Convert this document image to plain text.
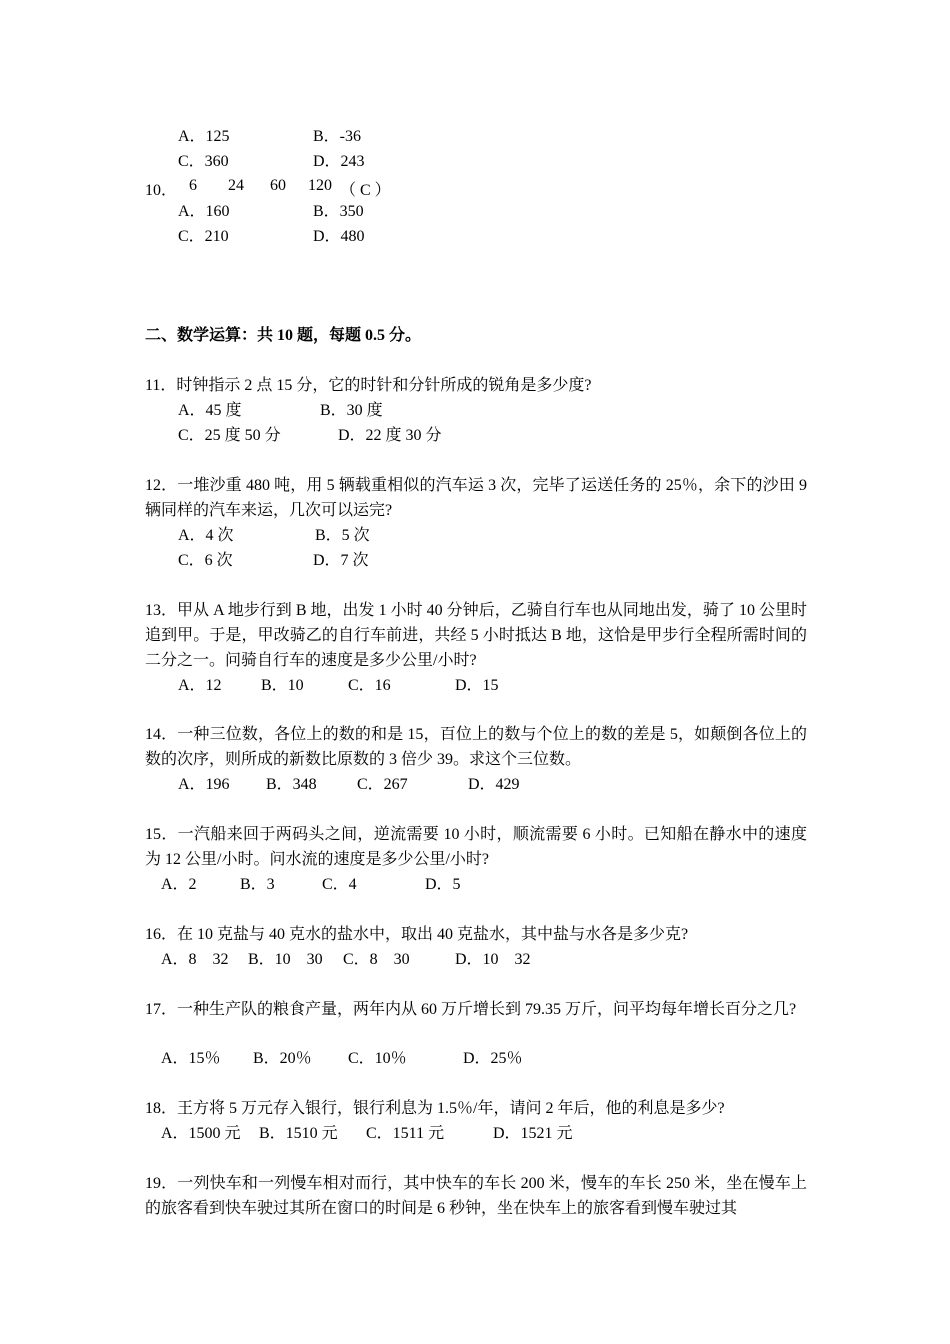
A．125	B．-36
C．360	D．243
10． 6 24 60 120 （ C ）
A．160	B．350
C．210	D．480
二、数学运算：共 10 题，每题 0.5 分。
11．时钟指示 2 点 15 分，它的时针和分针所成的锐角是多少度?
A．45 度	B．30 度
C．25 度 50 分	D．22 度 30 分
12．一堆沙重 480 吨，用 5 辆载重相似的汽车运 3 次，完毕了运送任务的 25％，余下的沙田 9 辆同样的汽车来运，几次可以运完?
A．4 次	B．5 次
C．6 次	D．7 次
13．甲从 A 地步行到 B 地，出发 1 小时 40 分钟后，乙骑自行车也从同地出发，骑了 10 公里时追到甲。于是，甲改骑乙的自行车前进，共经 5 小时抵达 B 地，这恰是甲步行全程所需时间的二分之一。问骑自行车的速度是多少公里/小时?
A．12 B．10	C．16	D．15
14．一种三位数，各位上的数的和是 15，百位上的数与个位上的数的差是 5，如颠倒各位上的数的次序，则所成的新数比原数的 3 倍少 39。求这个三位数。
A．196 B．348	C．267	D．429
15．一汽船来回于两码头之间，逆流需要 10 小时，顺流需要 6 小时。已知船在静水中的速度为 12 公里/小时。问水流的速度是多少公里/小时?
A．2	B．3	C．4	D．5
16．在 10 克盐与 40 克水的盐水中，取出 40 克盐水，其中盐与水各是多少克?
A．8　32 B．10　30 C．8　30	D．10　32
17．一种生产队的粮食产量，两年内从 60 万斤增长到 79.35 万斤，问平均每年增长百分之几?
A．15％ B．20％ C．10％	D．25％
18．王方将 5 万元存入银行，银行利息为 1.5％/年，请问 2 年后，他的利息是多少?
A．1500 元 B．1510 元 C．1511 元	D．1521 元
19．一列快车和一列慢车相对而行，其中快车的车长 200 米，慢车的车长 250 米，坐在慢车上的旅客看到快车驶过其所在窗口的时间是 6 秒钟，坐在快车上的旅客看到慢车驶过其
